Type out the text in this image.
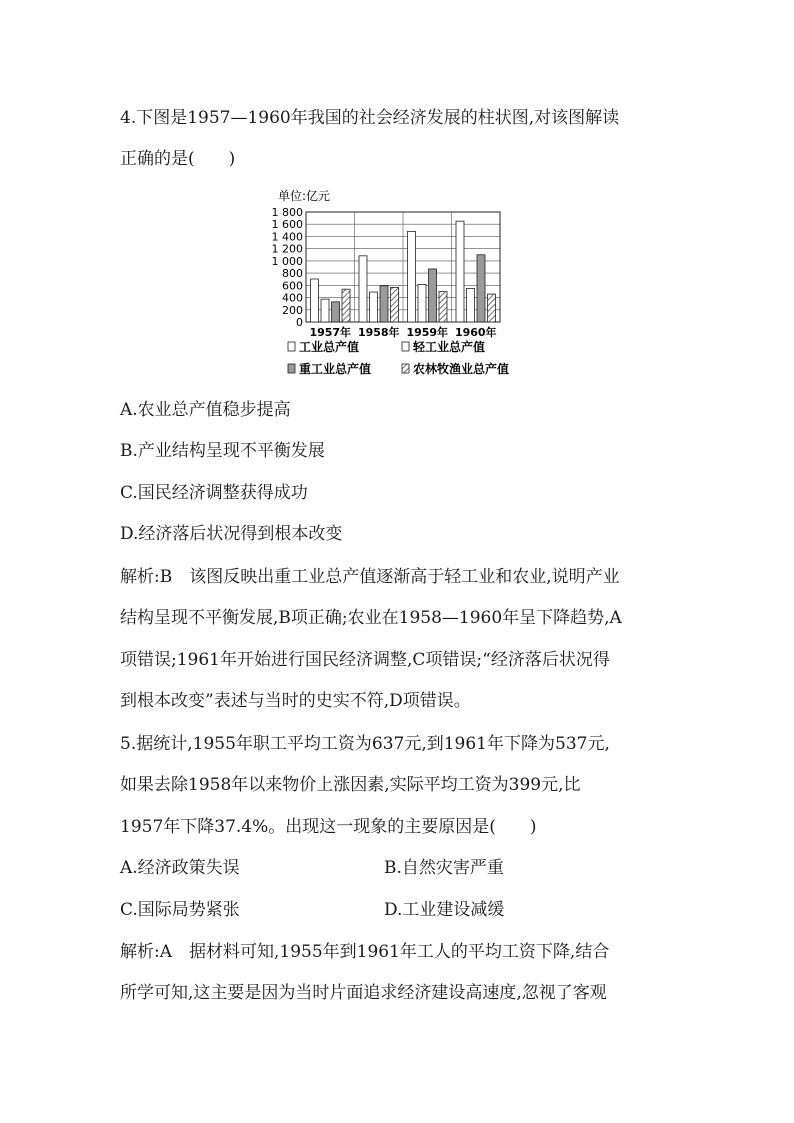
4.下图是1957—1960年我国的社会经济发展的柱状图,对该图解读
正确的是(　　)
单位:亿元
0
200
400
600
800
1 000
1 200
1 400
1 600
1 800
1957年 1958年 1959年 1960年
工业总产值	轻工业总产值
重工业总产值	农林牧渔业总产值
A.农业总产值稳步提高
B.产业结构呈现不平衡发展
C.国民经济调整获得成功
D.经济落后状况得到根本改变
解析:B　该图反映出重工业总产值逐渐高于轻工业和农业,说明产业
结构呈现不平衡发展,B项正确;农业在1958—1960年呈下降趋势,A
项错误;1961年开始进行国民经济调整,C项错误;“经济落后状况得
到根本改变”表述与当时的史实不符,D项错误。
5.据统计,1955年职工平均工资为637元,到1961年下降为537元,
如果去除1958年以来物价上涨因素,实际平均工资为399元,比
1957年下降37.4%。出现这一现象的主要原因是(　　)
A.经济政策失误	B.自然灾害严重
C.国际局势紧张	D.工业建设减缓
解析:A　据材料可知,1955年到1961年工人的平均工资下降,结合
所学可知,这主要是因为当时片面追求经济建设高速度,忽视了客观
